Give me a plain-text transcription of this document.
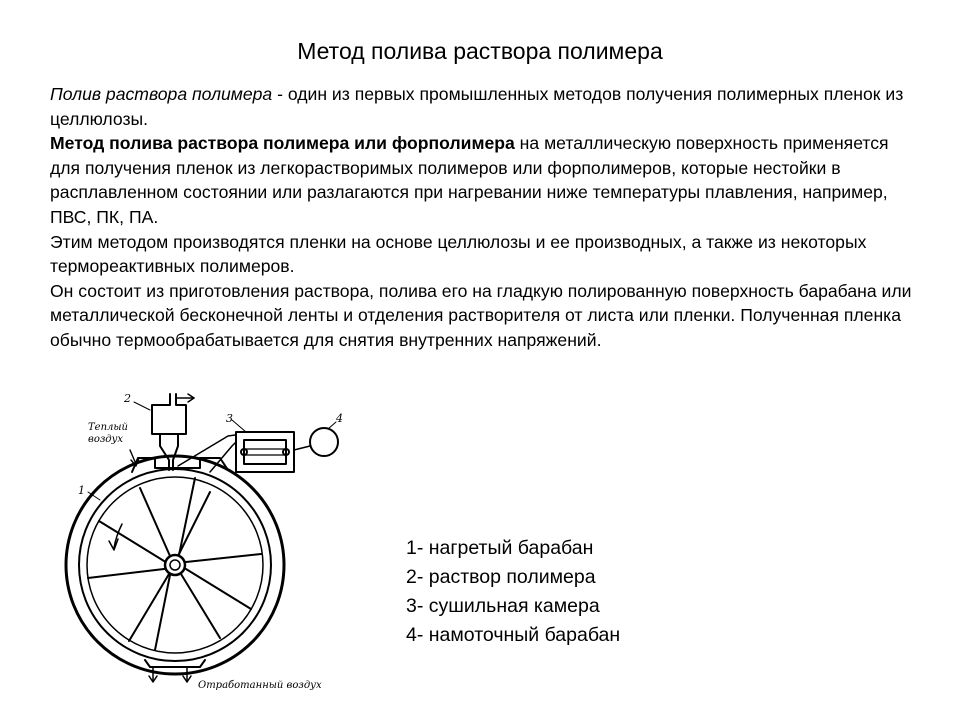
Метод полива раствора полимера

Полив раствора полимера - один из первых промышленных методов получения полимерных пленок из целлюлозы.

Метод полива раствора полимера или форполимера на металлическую поверхность применяется для получения пленок из легкорастворимых полимеров или форполимеров, которые нестойки в расплавленном состоянии или разлагаются при нагревании ниже температуры плавления, например, ПВС, ПК, ПА.

Этим методом производятся пленки на основе целлюлозы и ее производных, а также из некоторых термореактивных полимеров.

Он состоит из приготовления раствора, полива его на гладкую полированную поверхность барабана или металлической бесконечной ленты и отделения растворителя от листа или пленки. Полученная пленка обычно термообрабатывается для снятия внутренних напряжений.

1
2
3	4
Теплый
воздух
Отработанный воздух
1- нагретый барабан
2- раствор полимера
3- сушильная камера
4- намоточный барабан
